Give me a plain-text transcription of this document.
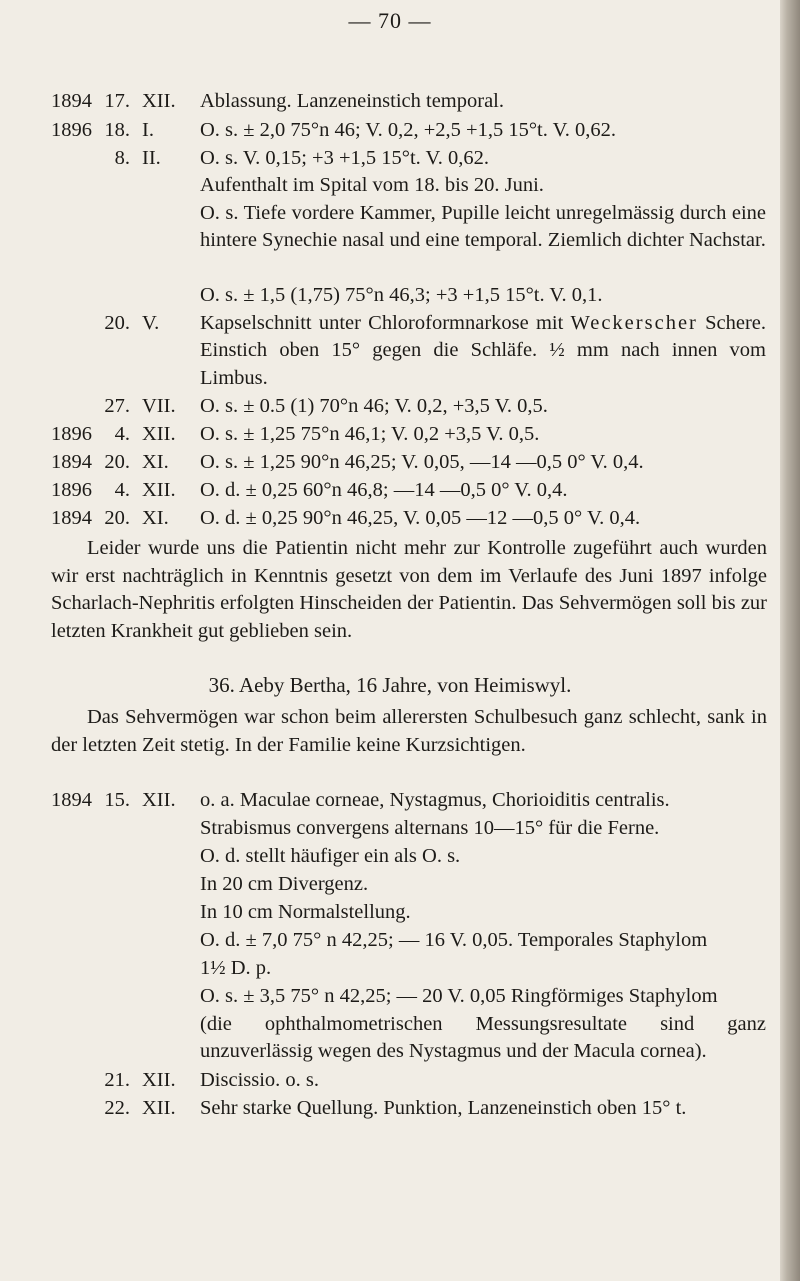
— 70 —
1894 17. XII.	Ablassung. Lanzeneinstich temporal.
1896 18. I.	O. s. ± 2,0 75°n 46; V. 0,2, +2,5 +1,5 15°t. V. 0,62.
8. II.	O. s. V. 0,15; +3 +1,5 15°t. V. 0,62.

Aufenthalt im Spital vom 18. bis 20. Juni.

O. s. Tiefe vordere Kammer, Pupille leicht unregelmässig durch eine hintere Synechie nasal und eine temporal. Ziemlich dichter Nachstar.

O. s. ± 1,5 (1,75) 75°n 46,3; +3 +1,5 15°t. V. 0,1.

20. V.	Kapselschnitt unter Chloroformnarkose mit Weckerscher Schere. Einstich oben 15° gegen die Schläfe. ½ mm nach innen vom Limbus.

27. VII.	O. s. ± 0.5 (1) 70°n 46; V. 0,2, +3,5 V. 0,5.
1896	4. XII.	O. s. ± 1,25 75°n 46,1; V. 0,2 +3,5 V. 0,5.
1894 20. XI.	O. s. ± 1,25 90°n 46,25; V. 0,05, —14 —0,5 0° V. 0,4.
1896	4. XII.	O. d. ± 0,25 60°n 46,8; —14 —0,5 0° V. 0,4.
1894 20. XI.	O. d. ± 0,25 90°n 46,25, V. 0,05 —12 —0,5 0° V. 0,4.

Leider wurde uns die Patientin nicht mehr zur Kontrolle zugeführt auch wurden wir erst nachträglich in Kenntnis gesetzt von dem im Verlaufe des Juni 1897 infolge Scharlach-Nephritis erfolgten Hinscheiden der Patientin. Das Sehvermögen soll bis zur letzten Krankheit gut geblieben sein.

36. Aeby Bertha, 16 Jahre, von Heimiswyl.

Das Sehvermögen war schon beim allerersten Schulbesuch ganz schlecht, sank in der letzten Zeit stetig. In der Familie keine Kurzsichtigen.

1894 15. XII.	o. a. Maculae corneae, Nystagmus, Chorioiditis centralis.
Strabismus convergens alternans 10—15° für die Ferne.
O. d. stellt häufiger ein als O. s.
In 20 cm Divergenz.
In 10 cm Normalstellung.
O. d. ± 7,0 75° n 42,25; — 16 V. 0,05. Temporales Staphylom
1½ D. p.
O. s. ± 3,5 75° n 42,25; — 20 V. 0,05 Ringförmiges Staphylom

(die ophthalmometrischen Messungsresultate sind ganz unzuverlässig wegen des Nystagmus und der Macula cornea).

21. XII.	Discissio. o. s.
22. XII.	Sehr starke Quellung. Punktion, Lanzeneinstich oben 15° t.
